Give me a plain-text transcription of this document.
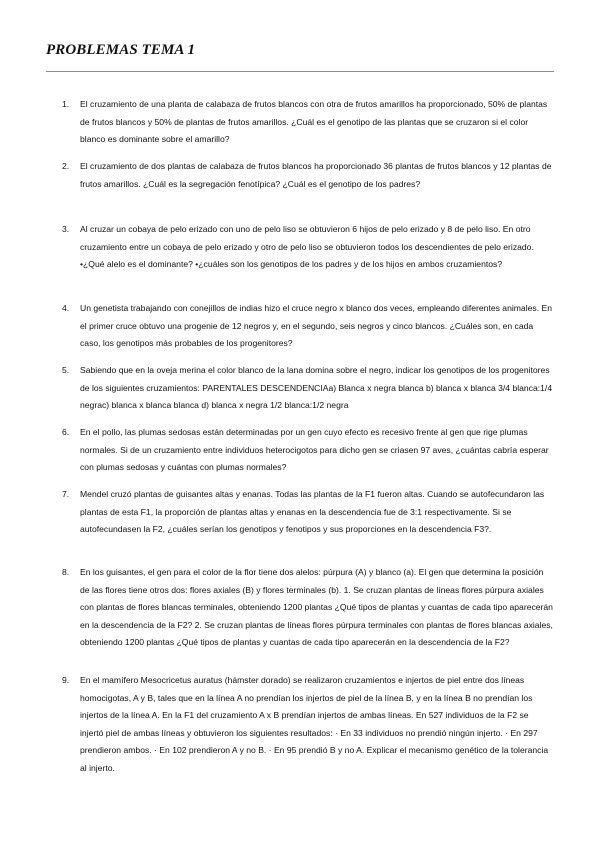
PROBLEMAS TEMA 1
1.	El cruzamiento de una planta de calabaza de frutos blancos con otra de frutos amarillos ha proporcionado, 50% de plantas de frutos blancos y 50% de plantas de frutos amarillos. ¿Cuál es el genotipo de las plantas que se cruzaron si el color blanco es dominante sobre el amarillo?
2.	El cruzamiento de dos plantas de calabaza de frutos blancos ha proporcionado 36 plantas de frutos blancos y 12 plantas de frutos amarillos. ¿Cuál es la segregación fenotípica? ¿Cuál es el genotipo de los padres?
3.	Al cruzar un cobaya de pelo erizado con uno de pelo liso se obtuvieron 6 hijos de pelo erizado y 8 de pelo liso. En otro cruzamiento entre un cobaya de pelo erizado y otro de pelo liso se obtuvieron todos los descendientes de pelo erizado. •¿Qué alelo es el dominante? •¿cuáles son los genotipos de los padres y de los hijos en ambos cruzamientos?
4.	Un genetista trabajando con conejillos de indias hizo el cruce negro x blanco dos veces, empleando diferentes animales. En el primer cruce obtuvo una progenie de 12 negros y, en el segundo, seis negros y cinco blancos. ¿Cuáles son, en cada caso, los genotipos más probables de los progenitores?
5.	Sabiendo que en la oveja merina el color blanco de la lana domina sobre el negro, indicar los genotipos de los progenitores de los siguientes cruzamientos: PARENTALES DESCENDENCIAa) Blanca x negra blanca b) blanca x blanca 3/4 blanca:1/4 negrac) blanca x blanca blanca d) blanca x negra 1/2 blanca:1/2 negra
6.	En el pollo, las plumas sedosas están determinadas por un gen cuyo efecto es recesivo frente al gen que rige plumas normales. Si de un cruzamiento entre individuos heterocigotos para dicho gen se criasen 97 aves, ¿cuántas cabría esperar con plumas sedosas y cuántas con plumas normales?
7.	Mendel cruzó plantas de guisantes altas y enanas. Todas las plantas de la F1 fueron altas. Cuando se autofecundaron las plantas de esta F1, la proporción de plantas altas y enanas en la descendencia fue de 3:1 respectivamente. Si se autofecundasen la F2, ¿cuáles serían los genotipos y fenotipos y sus proporciones en la descendencia F3?.
8.	En los guisantes, el gen para el color de la flor tiene dos alelos: púrpura (A) y blanco (a). El gen que determina la posición de las flores tiene otros dos: flores axiales (B) y flores terminales (b). 1. Se cruzan plantas de líneas flores púrpura axiales con plantas de flores blancas terminales, obteniendo 1200 plantas ¿Qué tipos de plantas y cuantas de cada tipo aparecerán en la descendencia de la F2? 2. Se cruzan plantas de líneas flores púrpura terminales con plantas de flores blancas axiales, obteniendo 1200 plantas ¿Qué tipos de plantas y cuantas de cada tipo aparecerán en la descendencia de la F2?
9.	En el mamífero Mesocricetus auratus (hámster dorado) se realizaron cruzamientos e injertos de piel entre dos líneas homocigotas, A y B, tales que en la línea A no prendían los injertos de piel de la línea B, y en la línea B no prendían los injertos de la línea A. En la F1 del cruzamiento A x B prendían injertos de ambas líneas. En 527 individuos de la F2 se injertó piel de ambas líneas y obtuvieron los siguientes resultados: · En 33 individuos no prendió ningún injerto. · En 297 prendieron ambos. · En 102 prendieron A y no B. · En 95 prendió B y no A. Explicar el mecanismo genético de la tolerancia al injerto.
